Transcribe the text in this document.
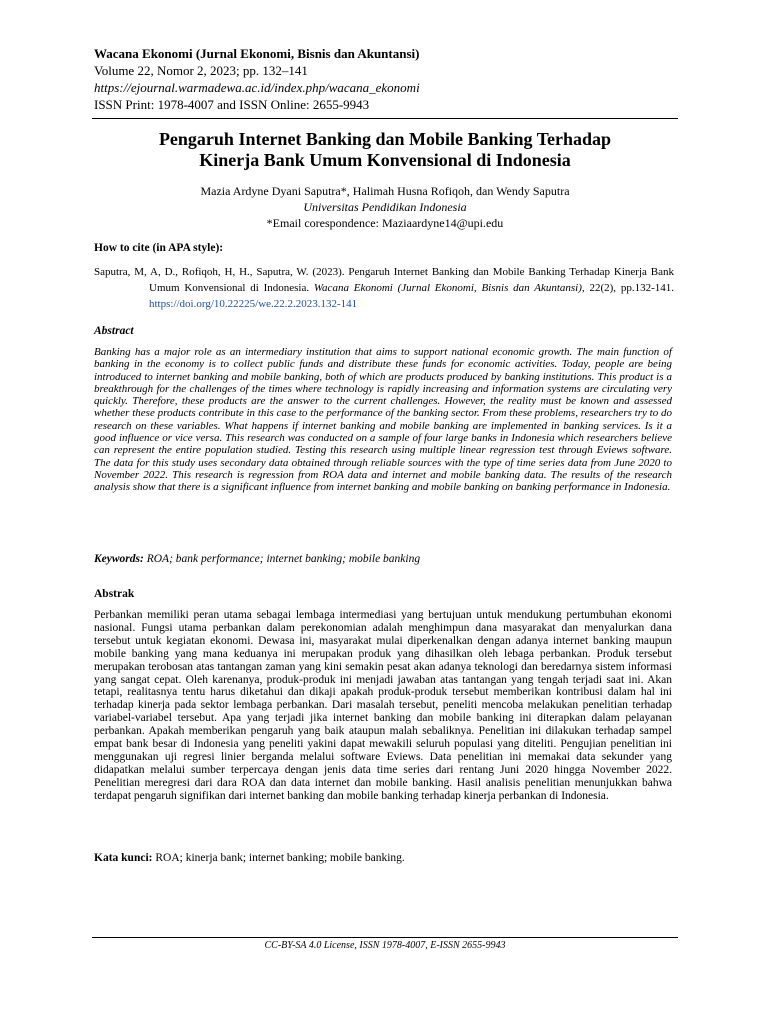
Wacana Ekonomi (Jurnal Ekonomi, Bisnis dan Akuntansi)
Volume 22, Nomor 2, 2023; pp. 132–141
https://ejournal.warmadewa.ac.id/index.php/wacana_ekonomi
ISSN Print: 1978-4007 and ISSN Online: 2655-9943
Pengaruh Internet Banking dan Mobile Banking Terhadap
Kinerja Bank Umum Konvensional di Indonesia
Mazia Ardyne Dyani Saputra*, Halimah Husna Rofiqoh, dan Wendy Saputra
Universitas Pendidikan Indonesia
*Email corespondence: Maziaardyne14@upi.edu
How to cite (in APA style):
Saputra, M, A, D., Rofiqoh, H, H., Saputra, W. (2023). Pengaruh Internet Banking dan Mobile Banking Terhadap Kinerja Bank Umum Konvensional di Indonesia. Wacana Ekonomi (Jurnal Ekonomi, Bisnis dan Akuntansi), 22(2), pp.132-141. https://doi.org/10.22225/we.22.2.2023.132-141
Abstract
Banking has a major role as an intermediary institution that aims to support national economic growth. The main function of banking in the economy is to collect public funds and distribute these funds for economic activities. Today, people are being introduced to internet banking and mobile banking, both of which are products produced by banking institutions. This product is a breakthrough for the challenges of the times where technology is rapidly increasing and information systems are circulating very quickly. Therefore, these products are the answer to the current challenges. However, the reality must be known and assessed whether these products contribute in this case to the performance of the banking sector. From these problems, researchers try to do research on these variables. What happens if internet banking and mobile banking are implemented in banking services. Is it a good influence or vice versa. This research was conducted on a sample of four large banks in Indonesia which researchers believe can represent the entire population studied. Testing this research using multiple linear regression test through Eviews software. The data for this study uses secondary data obtained through reliable sources with the type of time series data from June 2020 to November 2022. This research is regression from ROA data and internet and mobile banking data. The results of the research analysis show that there is a significant influence from internet banking and mobile banking on banking performance in Indonesia.
Keywords: ROA; bank performance; internet banking; mobile banking
Abstrak
Perbankan memiliki peran utama sebagai lembaga intermediasi yang bertujuan untuk mendukung pertumbuhan ekonomi nasional. Fungsi utama perbankan dalam perekonomian adalah menghimpun dana masyarakat dan menyalurkan dana tersebut untuk kegiatan ekonomi. Dewasa ini, masyarakat mulai diperkenalkan dengan adanya internet banking maupun mobile banking yang mana keduanya ini merupakan produk yang dihasilkan oleh lebaga perbankan. Produk tersebut merupakan terobosan atas tantangan zaman yang kini semakin pesat akan adanya teknologi dan beredarnya sistem informasi yang sangat cepat. Oleh karenanya, produk-produk ini menjadi jawaban atas tantangan yang tengah terjadi saat ini. Akan tetapi, realitasnya tentu harus diketahui dan dikaji apakah produk-produk tersebut memberikan kontribusi dalam hal ini terhadap kinerja pada sektor lembaga perbankan. Dari masalah tersebut, peneliti mencoba melakukan penelitian terhadap variabel-variabel tersebut. Apa yang terjadi jika internet banking dan mobile banking ini diterapkan dalam pelayanan perbankan. Apakah memberikan pengaruh yang baik ataupun malah sebaliknya. Penelitian ini dilakukan terhadap sampel empat bank besar di Indonesia yang peneliti yakini dapat mewakili seluruh populasi yang diteliti. Pengujian penelitian ini menggunakan uji regresi linier berganda melalui software Eviews. Data penelitian ini memakai data sekunder yang didapatkan melalui sumber terpercaya dengan jenis data time series dari rentang Juni 2020 hingga November 2022. Penelitian meregresi dari dara ROA dan data internet dan mobile banking. Hasil analisis penelitian menunjukkan bahwa terdapat pengaruh signifikan dari internet banking dan mobile banking terhadap kinerja perbankan di Indonesia.
Kata kunci: ROA; kinerja bank; internet banking; mobile banking.
CC-BY-SA 4.0 License, ISSN 1978-4007, E-ISSN 2655-9943
